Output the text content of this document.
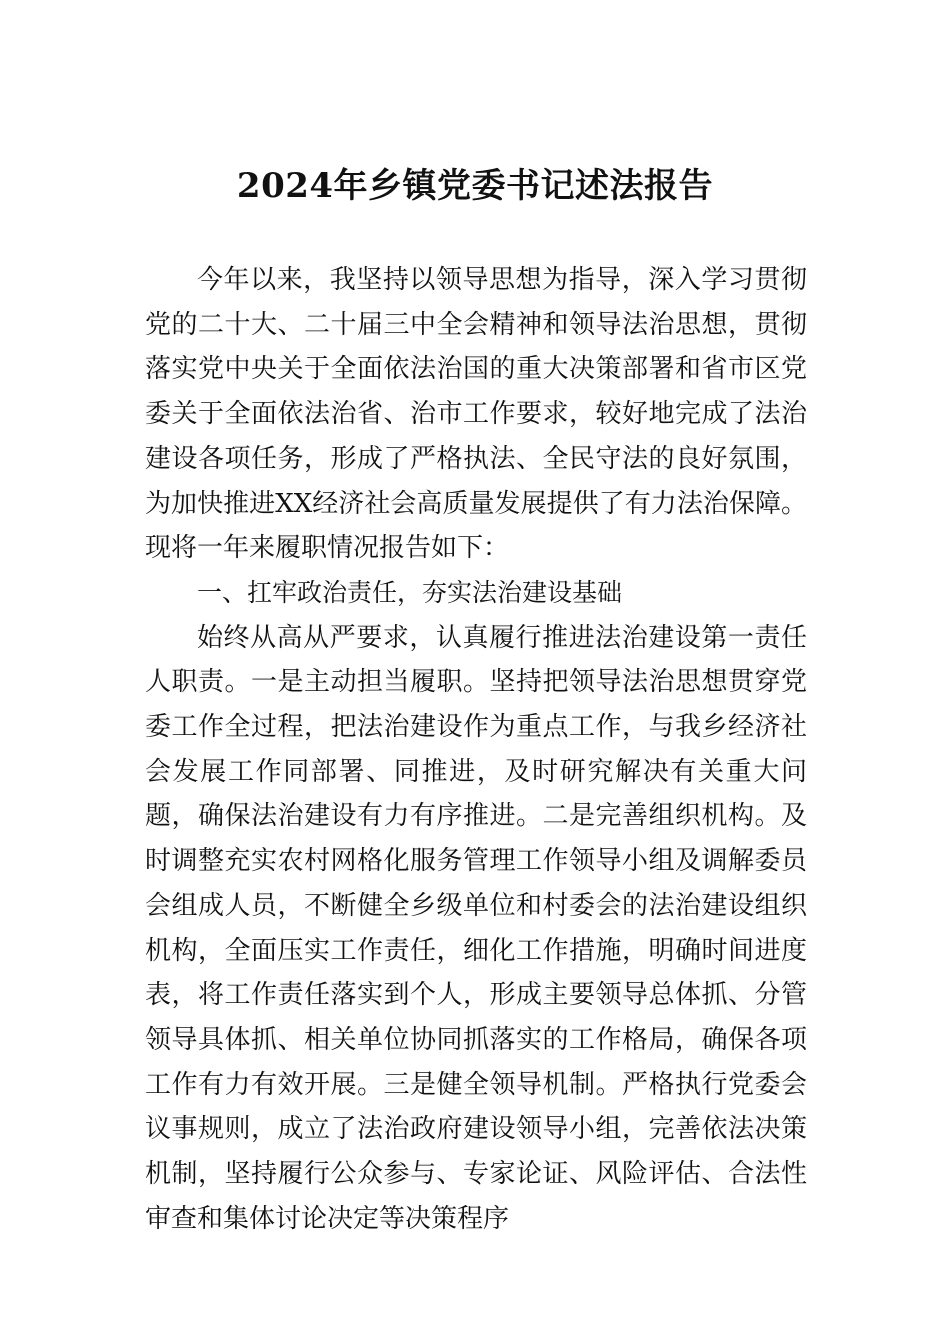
2024年乡镇党委书记述法报告

今年以来，我坚持以领导思想为指导，深入学习贯彻党的二十大、二十届三中全会精神和领导法治思想，贯彻落实党中央关于全面依法治国的重大决策部署和省市区党委关于全面依法治省、治市工作要求，较好地完成了法治建设各项任务，形成了严格执法、全民守法的良好氛围，为加快推进XX经济社会高质量发展提供了有力法治保障。现将一年来履职情况报告如下：

一、扛牢政治责任，夯实法治建设基础

始终从高从严要求，认真履行推进法治建设第一责任人职责。一是主动担当履职。坚持把领导法治思想贯穿党委工作全过程，把法治建设作为重点工作，与我乡经济社会发展工作同部署、同推进，及时研究解决有关重大问题，确保法治建设有力有序推进。二是完善组织机构。及时调整充实农村网格化服务管理工作领导小组及调解委员会组成人员，不断健全乡级单位和村委会的法治建设组织机构，全面压实工作责任，细化工作措施，明确时间进度表，将工作责任落实到个人，形成主要领导总体抓、分管领导具体抓、相关单位协同抓落实的工作格局，确保各项工作有力有效开展。三是健全领导机制。严格执行党委会议事规则，成立了法治政府建设领导小组，完善依法决策机制，坚持履行公众参与、专家论证、风险评估、合法性审查和集体讨论决定等决策程序
